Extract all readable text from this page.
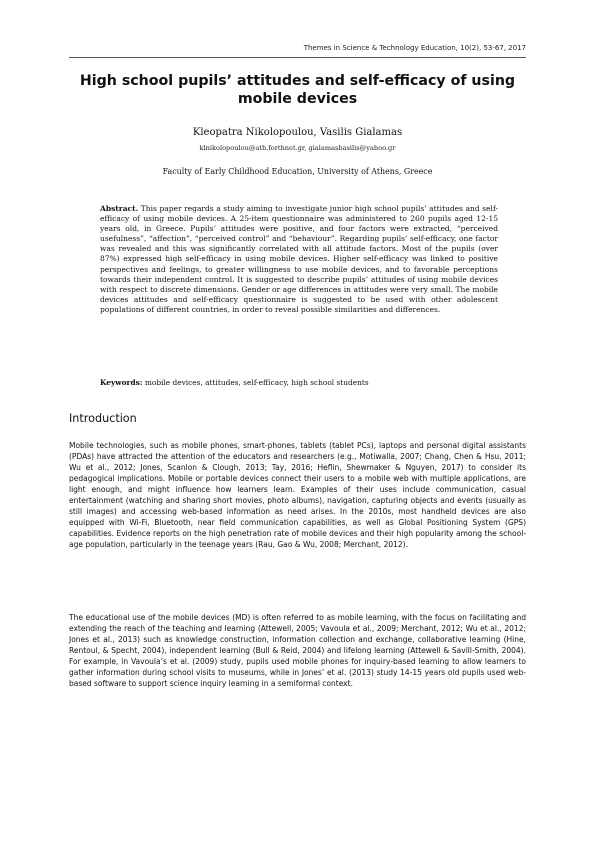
Themes in Science & Technology Education, 10(2), 53-67, 2017
High school pupils’ attitudes and self-efficacy of using mobile devices
Kleopatra Nikolopoulou, Vasilis Gialamas
klnikolopoulou@ath.forthnet.gr, gialamasbasilis@yahoo.gr
Faculty of Early Childhood Education, University of Athens, Greece
Abstract. This paper regards a study aiming to investigate junior high school pupils’ attitudes and self-efficacy of using mobile devices. A 25-item questionnaire was administered to 260 pupils aged 12-15 years old, in Greece. Pupils’ attitudes were positive, and four factors were extracted, “perceived usefulness”, “affection”, “perceived control” and “behaviour”. Regarding pupils’ self-efficacy, one factor was revealed and this was significantly correlated with all attitude factors. Most of the pupils (over 87%) expressed high self-efficacy in using mobile devices. Higher self-efficacy was linked to positive perspectives and feelings, to greater willingness to use mobile devices, and to favorable perceptions towards their independent control. It is suggested to describe pupils’ attitudes of using mobile devices with respect to discrete dimensions. Gender or age differences in attitudes were very small. The mobile devices attitudes and self-efficacy questionnaire is suggested to be used with other adolescent populations of different countries, in order to reveal possible similarities and differences.
Keywords: mobile devices, attitudes, self-efficacy, high school students
Introduction
Mobile technologies, such as mobile phones, smart-phones, tablets (tablet PCs), laptops and personal digital assistants (PDAs) have attracted the attention of the educators and researchers (e.g., Motiwalla, 2007; Chang, Chen & Hsu, 2011; Wu et al., 2012; Jones, Scanlon & Clough, 2013; Tay, 2016; Heflin, Shewmaker & Nguyen, 2017) to consider its pedagogical implications. Mobile or portable devices connect their users to a mobile web with multiple applications, are light enough, and might influence how learners learn. Examples of their uses include communication, casual entertainment (watching and sharing short movies, photo albums), navigation, capturing objects and events (usually as still images) and accessing web-based information as need arises. In the 2010s, most handheld devices are also equipped with Wi-Fi, Bluetooth, near field communication capabilities, as well as Global Positioning System (GPS) capabilities. Evidence reports on the high penetration rate of mobile devices and their high popularity among the school-age population, particularly in the teenage years (Rau, Gao & Wu, 2008; Merchant, 2012).
The educational use of the mobile devices (MD) is often referred to as mobile learning, with the focus on facilitating and extending the reach of the teaching and learning (Attewell, 2005; Vavoula et al., 2009; Merchant, 2012; Wu et al., 2012; Jones et al., 2013) such as knowledge construction, information collection and exchange, collaborative learning (Hine, Rentoul, & Specht, 2004), independent learning (Bull & Reid, 2004) and lifelong learning (Attewell & Savill-Smith, 2004). For example, in Vavoula’s et al. (2009) study, pupils used mobile phones for inquiry-based learning to allow learners to gather information during school visits to museums, while in Jones’ et al. (2013) study 14-15 years old pupils used web-based software to support science inquiry learning in a semiformal context.
